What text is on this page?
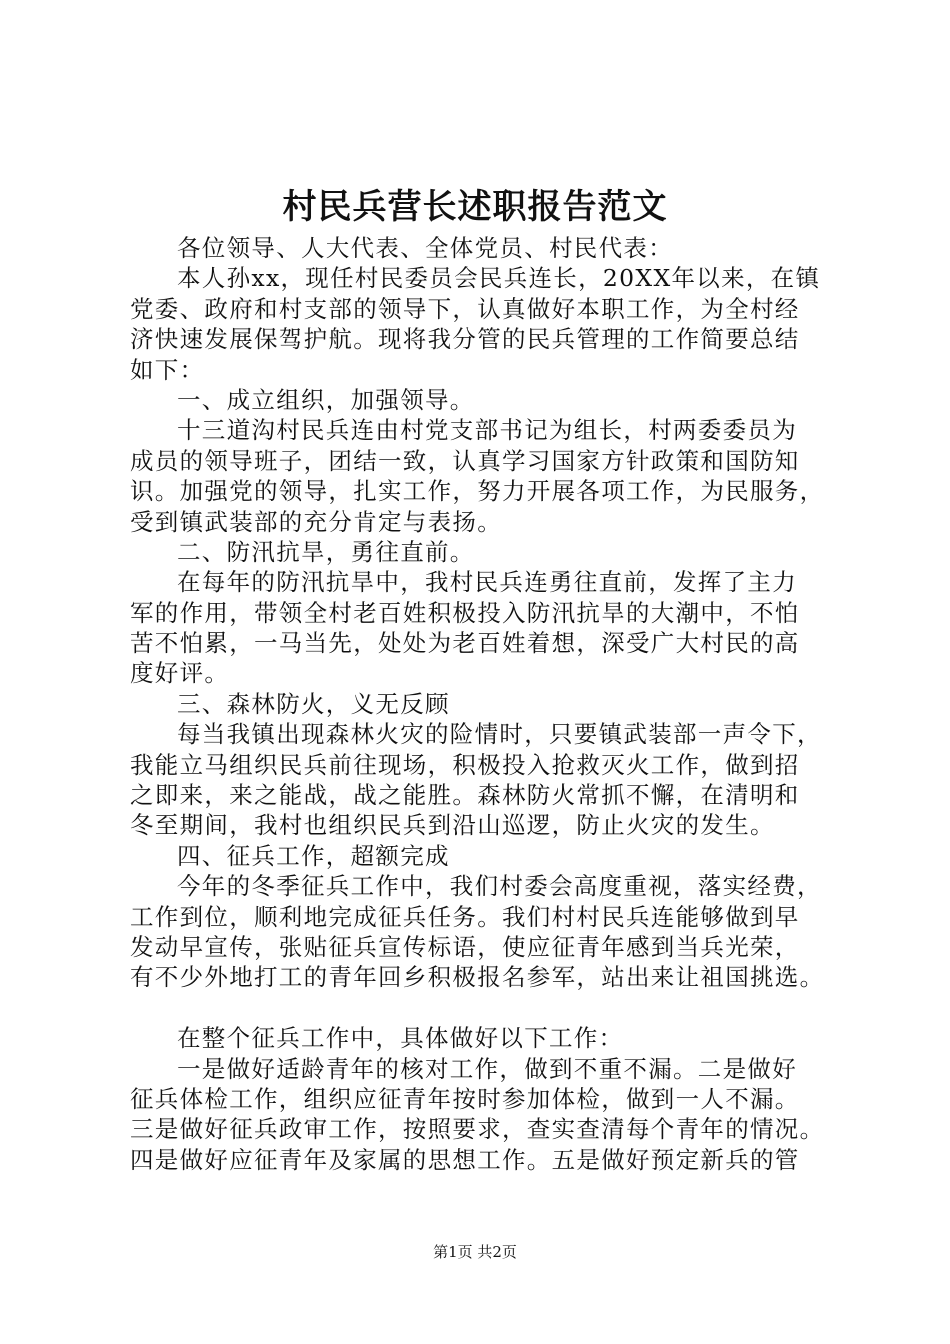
村民兵营长述职报告范文
各位领导、人大代表、全体党员、村民代表：
本人孙xx，现任村民委员会民兵连长，20XX年以来，在镇
党委、政府和村支部的领导下，认真做好本职工作，为全村经
济快速发展保驾护航。现将我分管的民兵管理的工作简要总结
如下：
一、成立组织，加强领导。
十三道沟村民兵连由村党支部书记为组长，村两委委员为
成员的领导班子，团结一致，认真学习国家方针政策和国防知
识。加强党的领导，扎实工作，努力开展各项工作，为民服务，
受到镇武装部的充分肯定与表扬。
二、防汛抗旱，勇往直前。
在每年的防汛抗旱中，我村民兵连勇往直前，发挥了主力
军的作用，带领全村老百姓积极投入防汛抗旱的大潮中，不怕
苦不怕累，一马当先，处处为老百姓着想，深受广大村民的高
度好评。
三、森林防火，义无反顾
每当我镇出现森林火灾的险情时，只要镇武装部一声令下，
我能立马组织民兵前往现场，积极投入抢救灭火工作，做到招
之即来，来之能战，战之能胜。森林防火常抓不懈，在清明和
冬至期间，我村也组织民兵到沿山巡逻，防止火灾的发生。
四、征兵工作，超额完成
今年的冬季征兵工作中，我们村委会高度重视，落实经费，
工作到位，顺利地完成征兵任务。我们村村民兵连能够做到早
发动早宣传，张贴征兵宣传标语，使应征青年感到当兵光荣，
有不少外地打工的青年回乡积极报名参军，站出来让祖国挑选。
在整个征兵工作中，具体做好以下工作：
一是做好适龄青年的核对工作，做到不重不漏。二是做好
征兵体检工作，组织应征青年按时参加体检，做到一人不漏。
三是做好征兵政审工作，按照要求，查实查清每个青年的情况。
四是做好应征青年及家属的思想工作。五是做好预定新兵的管
第1页 共2页
